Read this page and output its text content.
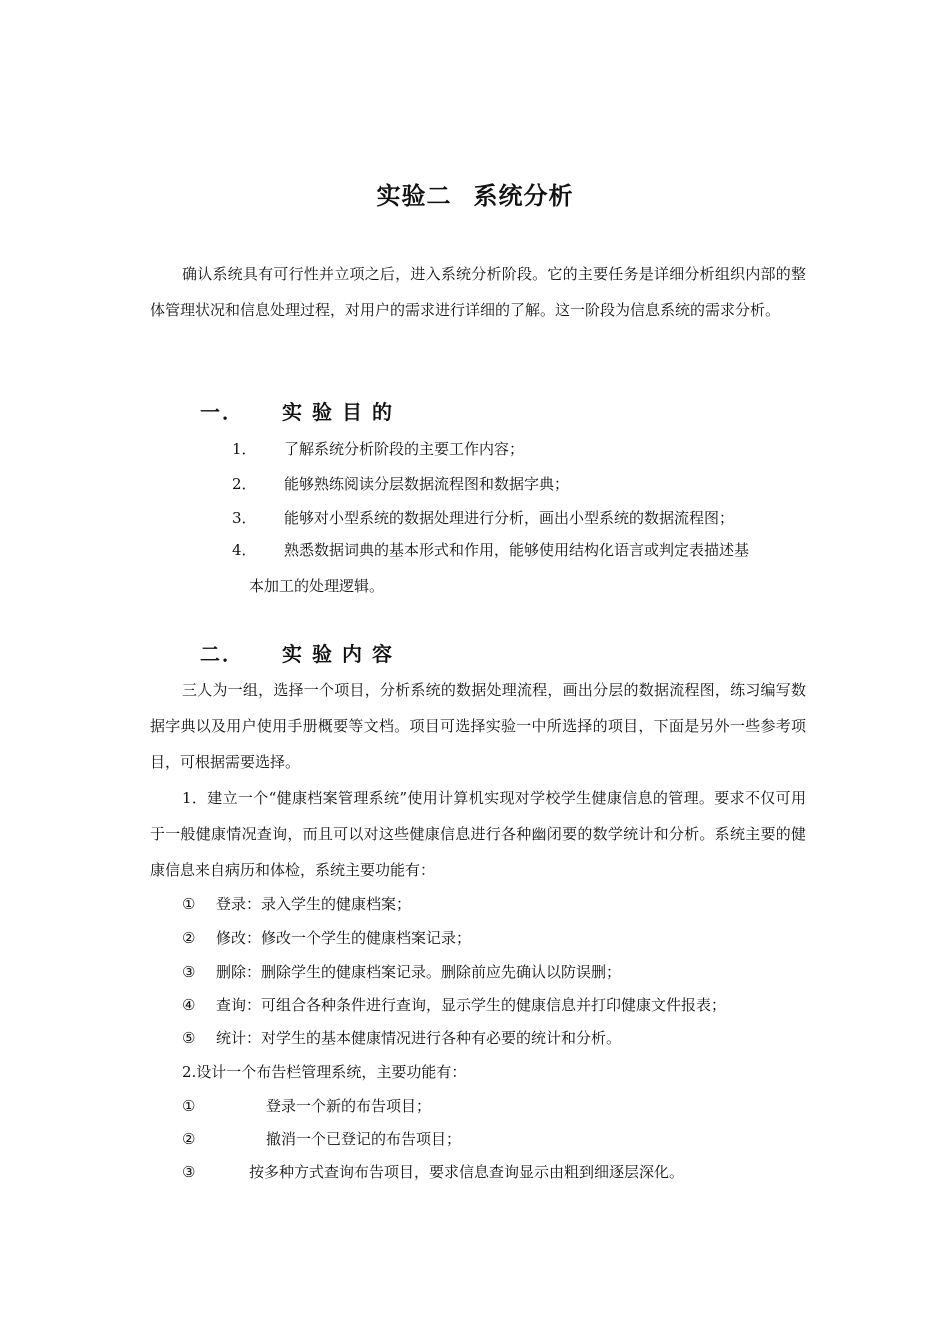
实验二 系统分析

确认系统具有可行性并立项之后，进入系统分析阶段。它的主要任务是详细分析组织内部的整体管理状况和信息处理过程，对用户的需求进行详细的了解。这一阶段为信息系统的需求分析。

一． 实验目的

1． 了解系统分析阶段的主要工作内容；

2． 能够熟练阅读分层数据流程图和数据字典；

3． 能够对小型系统的数据处理进行分析，画出小型系统的数据流程图；

4． 熟悉数据词典的基本形式和作用，能够使用结构化语言或判定表描述基

本加工的处理逻辑。

二． 实验内容

三人为一组，选择一个项目，分析系统的数据处理流程，画出分层的数据流程图，练习编写数据字典以及用户使用手册概要等文档。项目可选择实验一中所选择的项目，下面是另外一些参考项目，可根据需要选择。

1．建立一个“健康档案管理系统”使用计算机实现对学校学生健康信息的管理。要求不仅可用于一般健康情况查询，而且可以对这些健康信息进行各种幽闭要的数学统计和分析。系统主要的健康信息来自病历和体检，系统主要功能有：

① 登录：录入学生的健康档案；

② 修改：修改一个学生的健康档案记录；

③ 删除：删除学生的健康档案记录。删除前应先确认以防误删；

④ 查询：可组合各种条件进行查询，显示学生的健康信息并打印健康文件报表；

⑤ 统计：对学生的基本健康情况进行各种有必要的统计和分析。

2.设计一个布告栏管理系统，主要功能有：

①	登录一个新的布告项目；

②	撤消一个已登记的布告项目；

③	按多种方式查询布告项目，要求信息查询显示由粗到细逐层深化。
